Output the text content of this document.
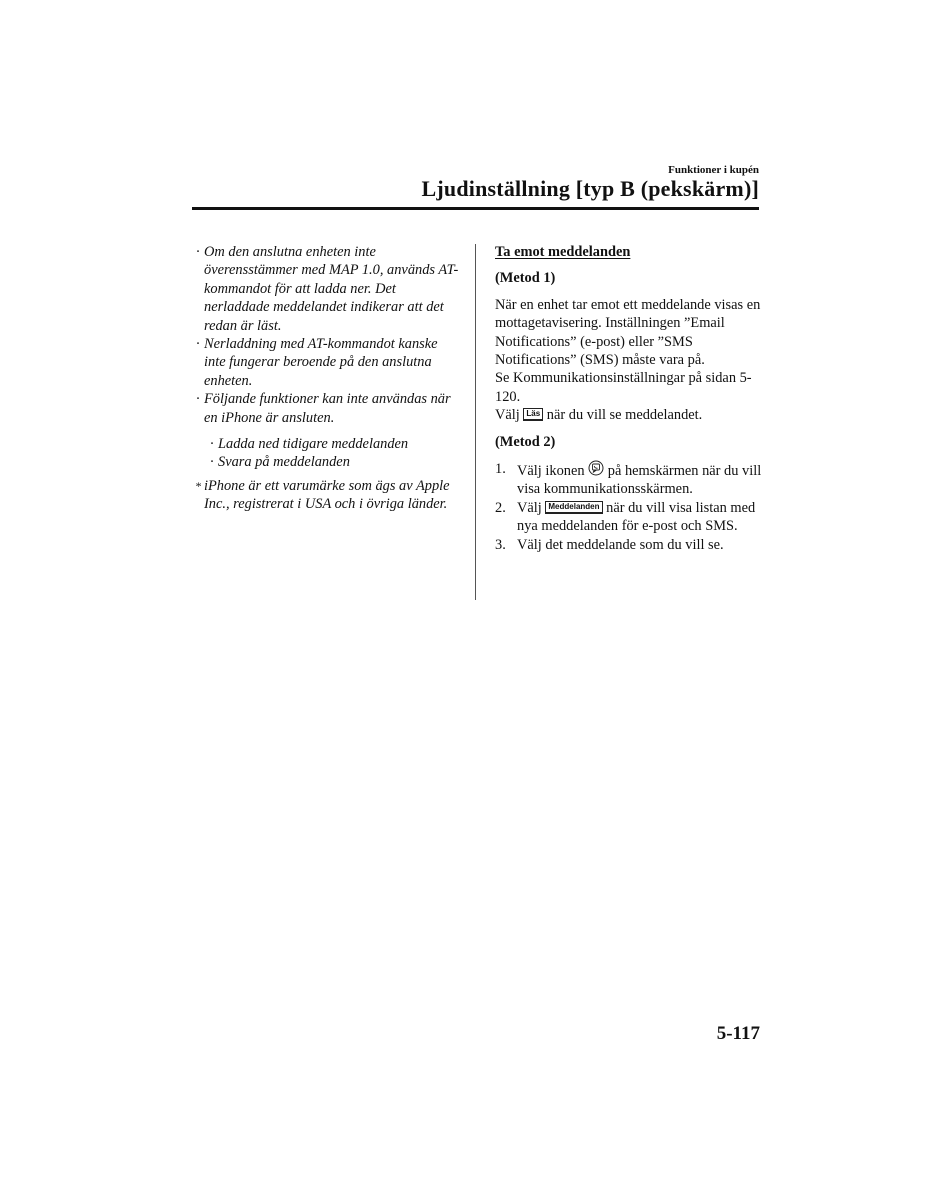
Funktioner i kupén
Ljudinställning [typ B (pekskärm)]
· Om den anslutna enheten inte överensstämmer med MAP 1.0, används AT-kommandot för att ladda ner. Det nerladdade meddelandet indikerar att det redan är läst.
· Nerladdning med AT-kommandot kanske inte fungerar beroende på den anslutna enheten.
· Följande funktioner kan inte användas när en iPhone är ansluten.
· Ladda ned tidigare meddelanden
· Svara på meddelanden
* iPhone är ett varumärke som ägs av Apple Inc., registrerat i USA och i övriga länder.
Ta emot meddelanden
(Metod 1)
När en enhet tar emot ett meddelande visas en mottagetavisering. Inställningen ”Email Notifications” (e-post) eller ”SMS Notifications” (SMS) måste vara på.
Se Kommunikationsinställningar på sidan 5-120.
Välj Läs när du vill se meddelandet.
(Metod 2)
1. Välj ikonen på hemskärmen när du vill visa kommunikationsskärmen.
2. Välj Meddelanden när du vill visa listan med nya meddelanden för e-post och SMS.
3. Välj det meddelande som du vill se.
5-117
